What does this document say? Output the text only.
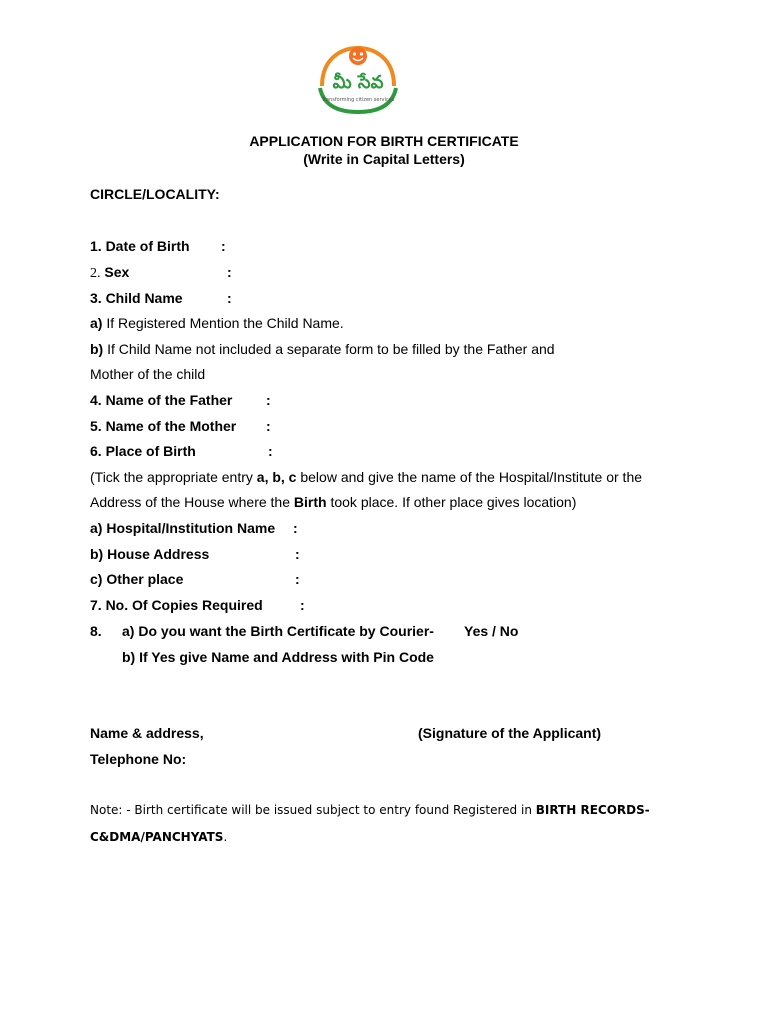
మీ సేవ
Transforming citizen services
APPLICATION FOR BIRTH CERTIFICATE
(Write in Capital Letters)
CIRCLE/LOCALITY:
1. Date of Birth :
2. Sex	:
3. Child Name	:
a) If Registered Mention the Child Name.
b) If Child Name not included a separate form to be filled by the Father and
Mother of the child
4. Name of the Father :
5. Name of the Mother :
6. Place of Birth	:
(Tick the appropriate entry a, b, c below and give the name of the Hospital/Institute or the
Address of the House where the Birth took place. If other place gives location)
a) Hospital/Institution Name :
b) House Address	:
c) Other place	:
7. No. Of Copies Required	:
8. a) Do you want the Birth Certificate by Courier- Yes / No
b) If Yes give Name and Address with Pin Code
Name & address,	(Signature of the Applicant)
Telephone No:
Note: - Birth certificate will be issued subject to entry found Registered in BIRTH RECORDS-
C&DMA/PANCHYATS.
